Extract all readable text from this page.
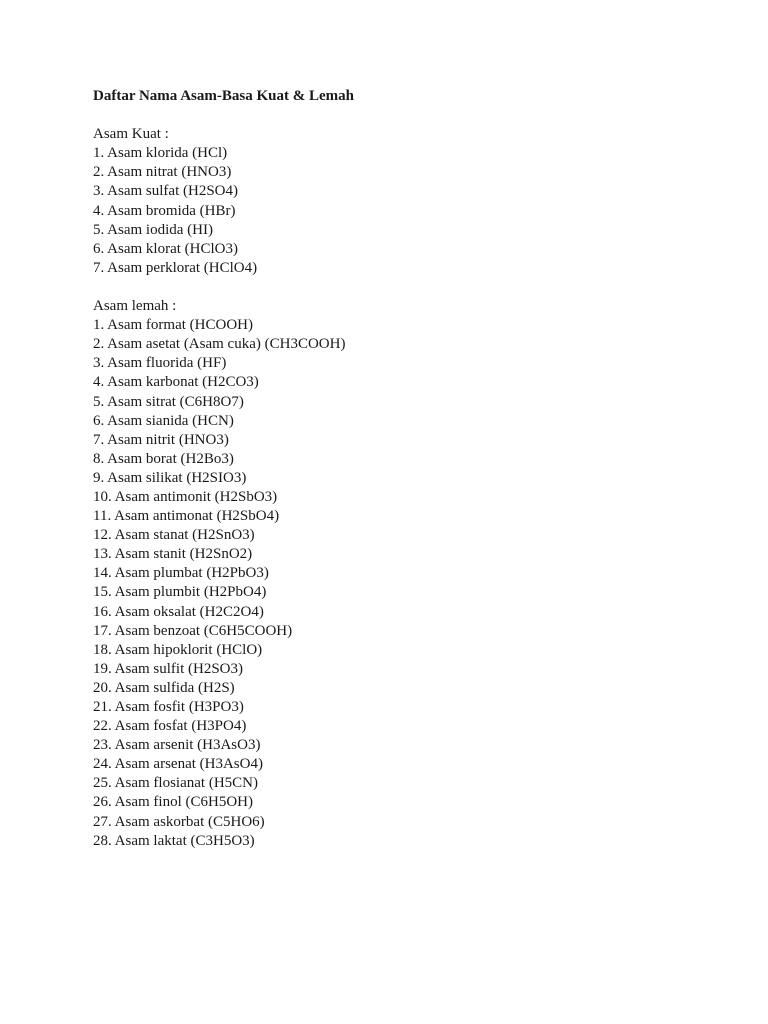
Daftar Nama Asam-Basa Kuat & Lemah

Asam Kuat :

1. Asam klorida (HCl)
2. Asam nitrat (HNO3)
3. Asam sulfat (H2SO4)
4. Asam bromida (HBr)
5. Asam iodida (HI)
6. Asam klorat (HClO3)
7. Asam perklorat (HClO4)

Asam lemah :

1. Asam format (HCOOH)
2. Asam asetat (Asam cuka) (CH3COOH)
3. Asam fluorida (HF)
4. Asam karbonat (H2CO3)
5. Asam sitrat (C6H8O7)
6. Asam sianida (HCN)
7. Asam nitrit (HNO3)
8. Asam borat (H2Bo3)
9. Asam silikat (H2SIO3)
10. Asam antimonit (H2SbO3)
11. Asam antimonat (H2SbO4)
12. Asam stanat (H2SnO3)
13. Asam stanit (H2SnO2)
14. Asam plumbat (H2PbO3)
15. Asam plumbit (H2PbO4)
16. Asam oksalat (H2C2O4)
17. Asam benzoat (C6H5COOH)
18. Asam hipoklorit (HClO)
19. Asam sulfit (H2SO3)
20. Asam sulfida (H2S)
21. Asam fosfit (H3PO3)
22. Asam fosfat (H3PO4)
23. Asam arsenit (H3AsO3)
24. Asam arsenat (H3AsO4)
25. Asam flosianat (H5CN)
26. Asam finol (C6H5OH)
27. Asam askorbat (C5HO6)
28. Asam laktat (C3H5O3)
